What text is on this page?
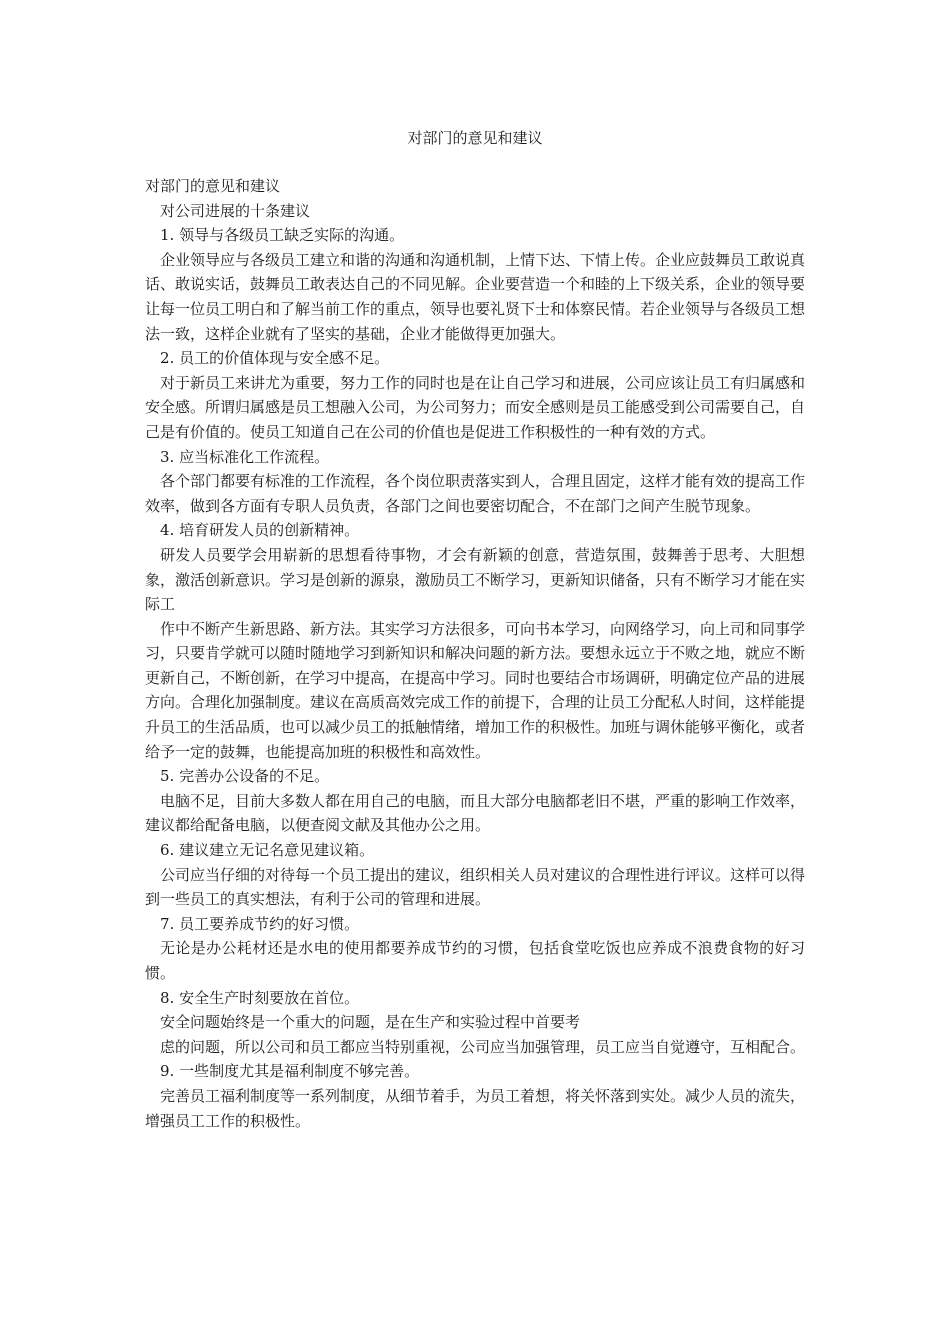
对部门的意见和建议

对部门的意见和建议

对公司进展的十条建议

1. 领导与各级员工缺乏实际的沟通。

企业领导应与各级员工建立和谐的沟通和沟通机制，上情下达、下情上传。企业应鼓舞员工敢说真话、敢说实话，鼓舞员工敢表达自己的不同见解。企业要营造一个和睦的上下级关系，企业的领导要让每一位员工明白和了解当前工作的重点，领导也要礼贤下士和体察民情。若企业领导与各级员工想法一致，这样企业就有了坚实的基础，企业才能做得更加强大。

2. 员工的价值体现与安全感不足。

对于新员工来讲尤为重要，努力工作的同时也是在让自己学习和进展，公司应该让员工有归属感和安全感。所谓归属感是员工想融入公司，为公司努力；而安全感则是员工能感受到公司需要自己，自己是有价值的。使员工知道自己在公司的价值也是促进工作积极性的一种有效的方式。

3. 应当标准化工作流程。

各个部门都要有标准的工作流程，各个岗位职责落实到人，合理且固定，这样才能有效的提高工作效率，做到各方面有专职人员负责，各部门之间也要密切配合，不在部门之间产生脱节现象。

4. 培育研发人员的创新精神。

研发人员要学会用崭新的思想看待事物，才会有新颖的创意，营造氛围，鼓舞善于思考、大胆想象，激活创新意识。学习是创新的源泉，激励员工不断学习，更新知识储备，只有不断学习才能在实际工

作中不断产生新思路、新方法。其实学习方法很多，可向书本学习，向网络学习，向上司和同事学习，只要肯学就可以随时随地学习到新知识和解决问题的新方法。要想永远立于不败之地，就应不断更新自己，不断创新，在学习中提高，在提高中学习。同时也要结合市场调研，明确定位产品的进展方向。合理化加强制度。建议在高质高效完成工作的前提下，合理的让员工分配私人时间，这样能提升员工的生活品质，也可以减少员工的抵触情绪，增加工作的积极性。加班与调休能够平衡化，或者给予一定的鼓舞，也能提高加班的积极性和高效性。

5. 完善办公设备的不足。

电脑不足，目前大多数人都在用自己的电脑，而且大部分电脑都老旧不堪，严重的影响工作效率，建议都给配备电脑，以便查阅文献及其他办公之用。

6. 建议建立无记名意见建议箱。

公司应当仔细的对待每一个员工提出的建议，组织相关人员对建议的合理性进行评议。这样可以得到一些员工的真实想法，有利于公司的管理和进展。

7. 员工要养成节约的好习惯。

无论是办公耗材还是水电的使用都要养成节约的习惯，包括食堂吃饭也应养成不浪费食物的好习惯。

8. 安全生产时刻要放在首位。

安全问题始终是一个重大的问题，是在生产和实验过程中首要考

虑的问题，所以公司和员工都应当特别重视，公司应当加强管理，员工应当自觉遵守，互相配合。

9. 一些制度尤其是福利制度不够完善。

完善员工福利制度等一系列制度，从细节着手，为员工着想，将关怀落到实处。减少人员的流失，增强员工工作的积极性。
